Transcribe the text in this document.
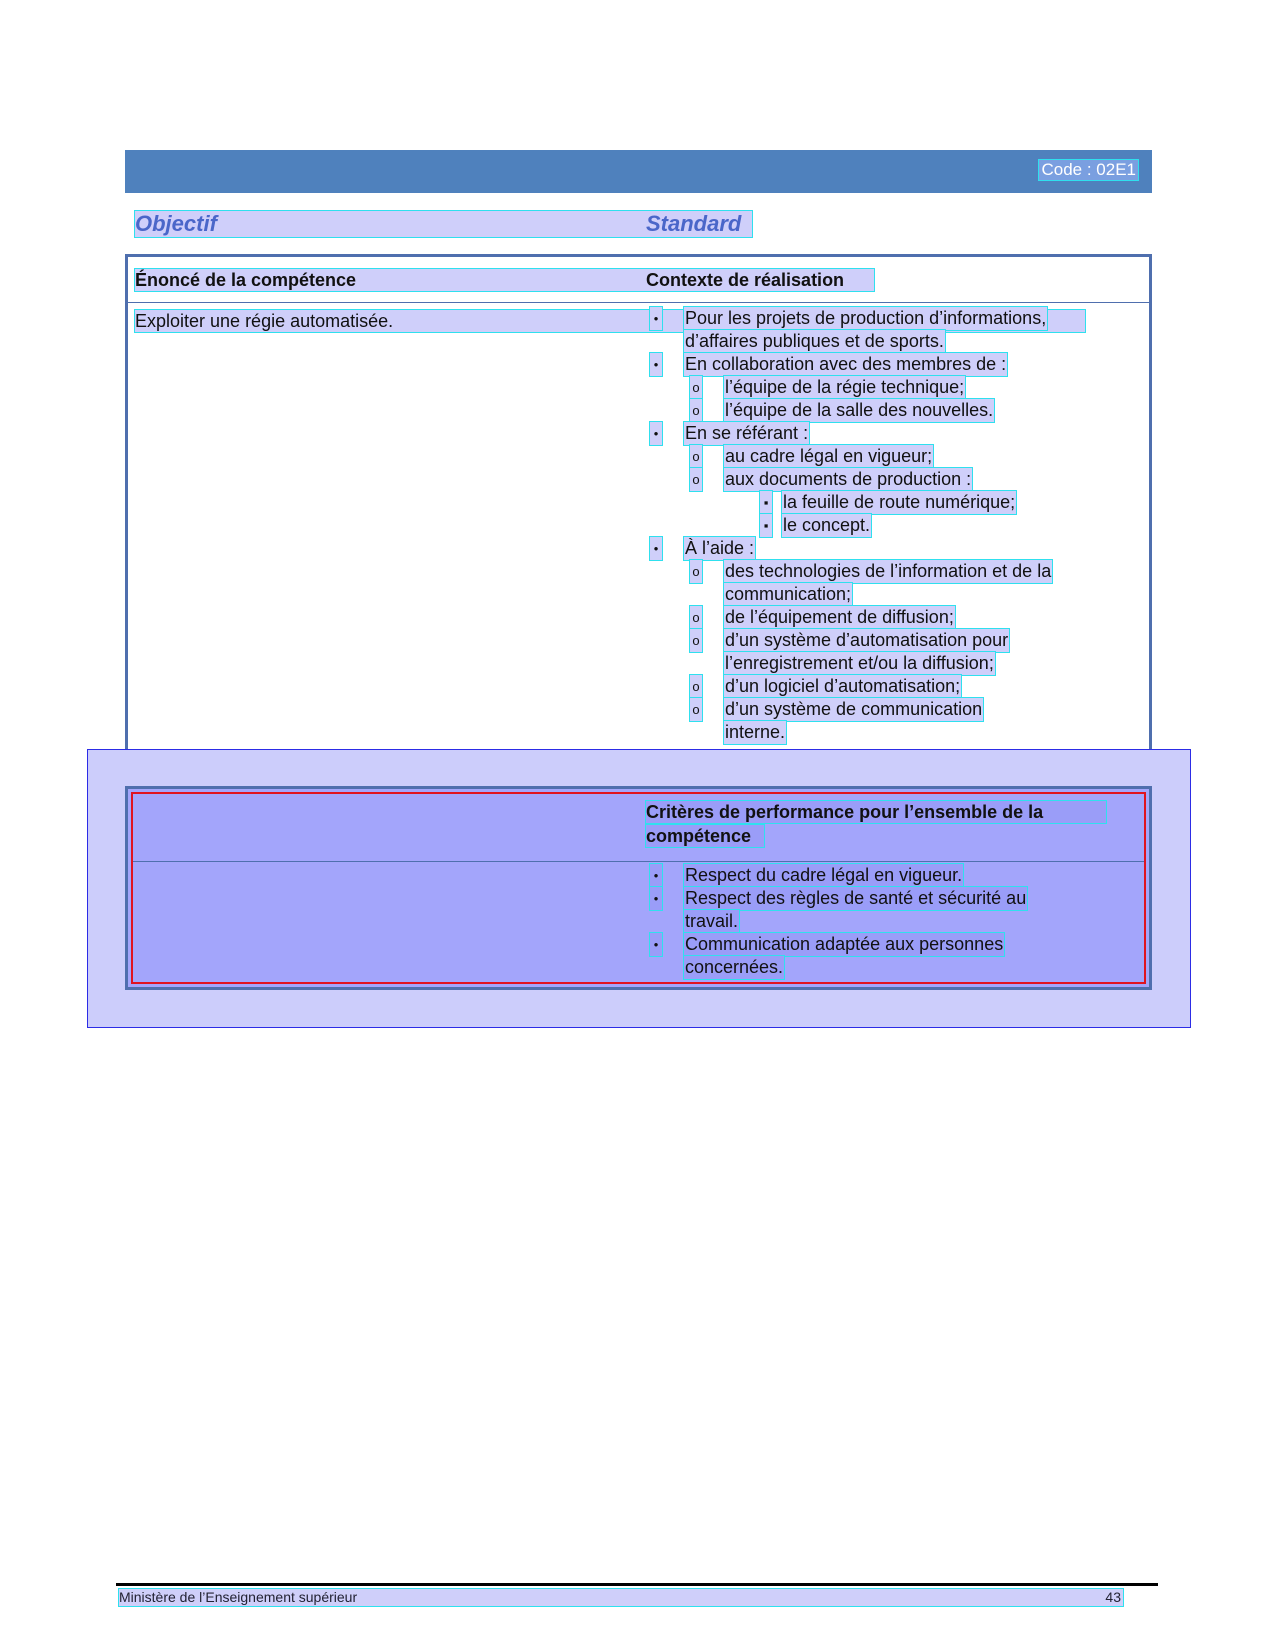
Code : 02E1
Objectif	Standard
Énoncé de la compétence	Contexte de réalisation
Exploiter une régie automatisée.	• Pour les projets de production d’informations,
d’affaires publiques et de sports.
• En collaboration avec des membres de :
o l’équipe de la régie technique;
o l’équipe de la salle des nouvelles.
• En se référant :
o au cadre légal en vigueur;
o aux documents de production :
▪ la feuille de route numérique;
▪ le concept.
• À l’aide :
o des technologies de l’information et de la
communication;
o de l’équipement de diffusion;
o d’un système d’automatisation pour
l’enregistrement et/ou la diffusion;
o d’un logiciel d’automatisation;
o d’un système de communication
interne.
Critères de performance pour l’ensemble de la
compétence
• Respect du cadre légal en vigueur.
• Respect des règles de santé et sécurité au
travail.
• Communication adaptée aux personnes
concernées.
Ministère de l’Enseignement supérieur	43
